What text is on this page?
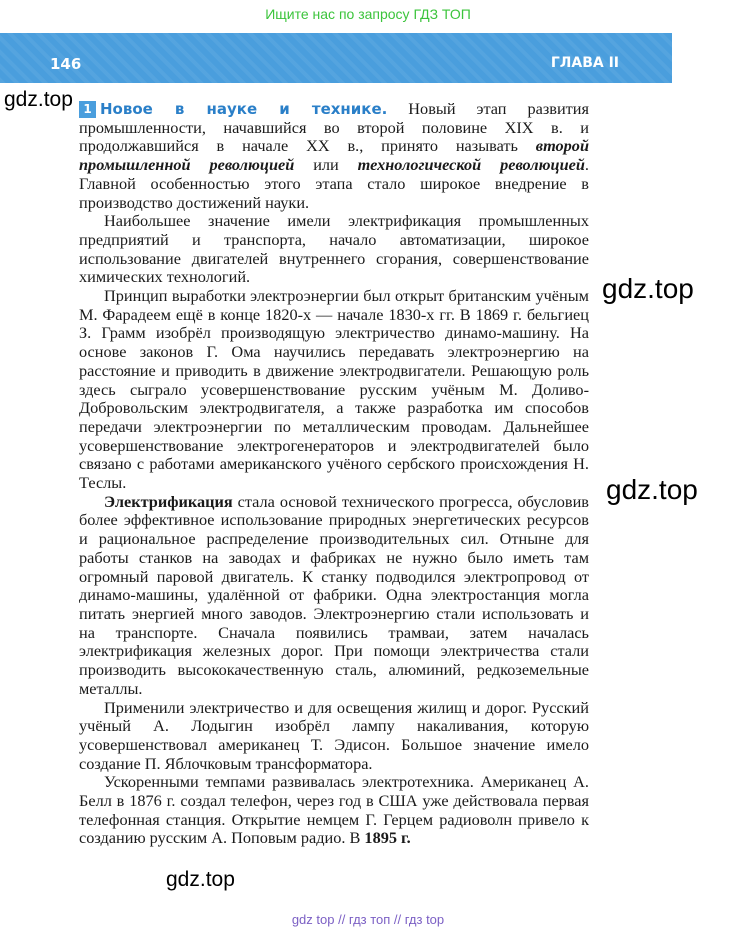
Ищите нас по запросу ГДЗ ТОП
146	ГЛАВА II
gdz.top
gdz.top
gdz.top
gdz.top

1 Новое в науке и технике. Новый этап развития промышленности, начавшийся во второй половине XIX в. и продолжавшийся в начале XX в., принято называть второй промышленной революцией или технологической революцией. Главной особенностью этого этапа стало широкое внедрение в производство достижений науки.

Наибольшее значение имели электрификация промышленных предприятий и транспорта, начало автоматизации, широкое использование двигателей внутреннего сгорания, совершенствование химических технологий.

Принцип выработки электроэнергии был открыт британским учёным М. Фарадеем ещё в конце 1820-х — начале 1830-х гг. В 1869 г. бельгиец З. Грамм изобрёл производящую электричество динамо-машину. На основе законов Г. Ома научились передавать электроэнергию на расстояние и приводить в движение электродвигатели. Решающую роль здесь сыграло усовершенствование русским учёным М. Доливо-Добровольским электродвигателя, а также разработка им способов передачи электроэнергии по металлическим проводам. Дальнейшее усовершенствование электрогенераторов и электродвигателей было связано с работами американского учёного сербского происхождения Н. Теслы.

Электрификация стала основой технического прогресса, обусловив более эффективное использование природных энергетических ресурсов и рациональное распределение производительных сил. Отныне для работы станков на заводах и фабриках не нужно было иметь там огромный паровой двигатель. К станку подводился электропровод от динамо-машины, удалённой от фабрики. Одна электростанция могла питать энергией много заводов. Электроэнергию стали использовать и на транспорте. Сначала появились трамваи, затем началась электрификация железных дорог. При помощи электричества стали производить высококачественную сталь, алюминий, редкоземельные металлы.

Применили электричество и для освещения жилищ и дорог. Русский учёный А. Лодыгин изобрёл лампу накаливания, которую усовершенствовал американец Т. Эдисон. Большое значение имело создание П. Яблочковым трансформатора.

Ускоренными темпами развивалась электротехника. Американец А. Белл в 1876 г. создал телефон, через год в США уже действовала первая телефонная станция. Открытие немцем Г. Герцем радиоволн привело к созданию русским А. Поповым радио. В 1895 г.

gdz top // гдз топ // гдз top
